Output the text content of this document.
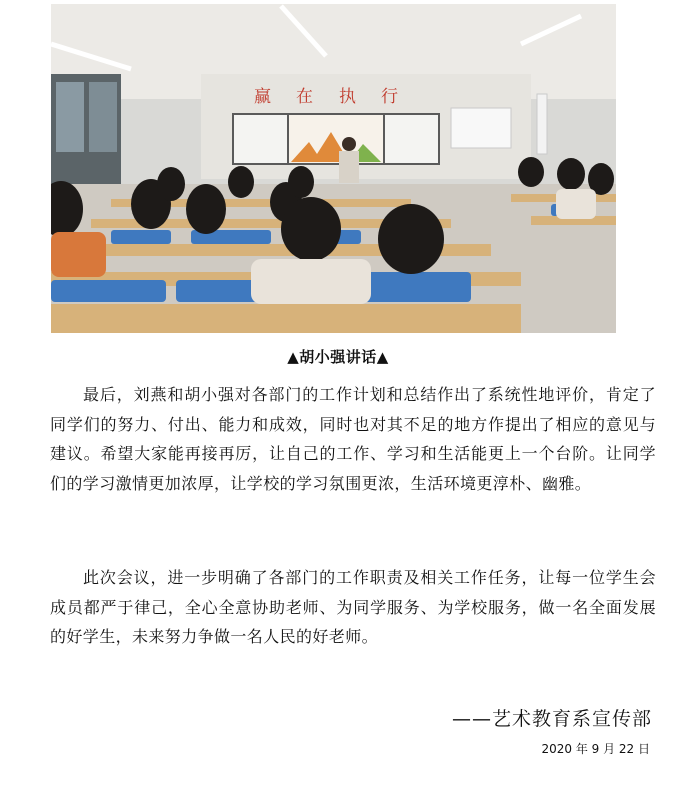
赢 在 执 行
▲胡小强讲话▲

最后，刘燕和胡小强对各部门的工作计划和总结作出了系统性地评价，肯定了同学们的努力、付出、能力和成效，同时也对其不足的地方作提出了相应的意见与建议。希望大家能再接再厉，让自己的工作、学习和生活能更上一个台阶。让同学们的学习激情更加浓厚，让学校的学习氛围更浓，生活环境更淳朴、幽雅。

此次会议，进一步明确了各部门的工作职责及相关工作任务，让每一位学生会成员都严于律己，全心全意协助老师、为同学服务、为学校服务，做一名全面发展的好学生，未来努力争做一名人民的好老师。

——艺术教育系宣传部
2020 年 9 月 22 日
